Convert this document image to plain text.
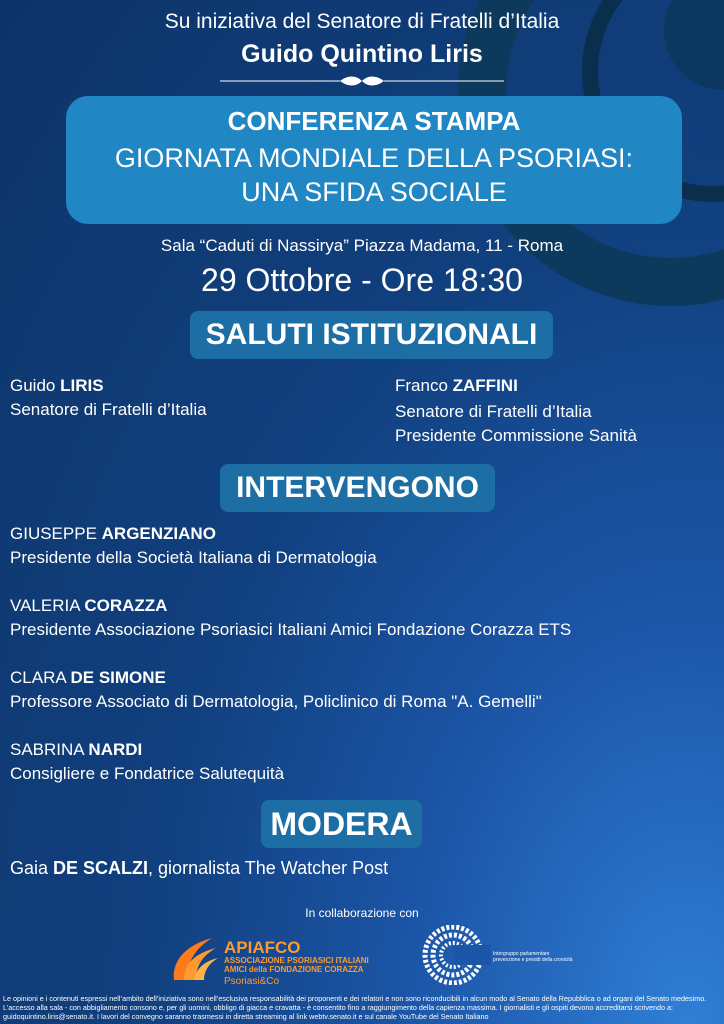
Su iniziativa del Senatore di Fratelli d’Italia
Guido Quintino Liris
CONFERENZA STAMPA
GIORNATA MONDIALE DELLA PSORIASI:
UNA SFIDA SOCIALE
Sala “Caduti di Nassirya” Piazza Madama, 11 - Roma
29 Ottobre - Ore 18:30
SALUTI ISTITUZIONALI
Guido LIRIS
Senatore di Fratelli d’Italia
Franco ZAFFINI
Senatore di Fratelli d’Italia
Presidente Commissione Sanità
INTERVENGONO
GIUSEPPE ARGENZIANO
Presidente della Società Italiana di Dermatologia
VALERIA CORAZZA
Presidente Associazione Psoriasici Italiani Amici Fondazione Corazza ETS
CLARA DE SIMONE
Professore Associato di Dermatologia, Policlinico di Roma "A. Gemelli"
SABRINA NARDI
Consigliere e Fondatrice Salutequità
MODERA
Gaia DE SCALZI, giornalista The Watcher Post
In collaborazione con
APIAFCO
ASSOCIAZIONE PSORIASICI ITALIANI
AMICI della FONDAZIONE CORAZZA
Psoriasi&Co
Intergruppo parlamentare prevenzione e presidi della cronicità
Le opinioni e i contenuti espressi nell’ambito dell’iniziativa sono nell’esclusiva responsabilità dei proponenti e dei relatori e non sono riconducibili in alcun modo al Senato della Repubblica o ad organi del Senato medesimo. L’accesso alla sala - con abbigliamento consono e, per gli uomini, obbligo di giacca e cravatta - è consentito fino a raggiungimento della capienza massima. I giornalisti e gli ospiti devono accreditarsi scrivendo a: guidoquintino.liris@senato.it. I lavori del convegno saranno trasmessi in diretta streaming al link webtv.senato.it e sul canale YouTube del Senato Italiano
